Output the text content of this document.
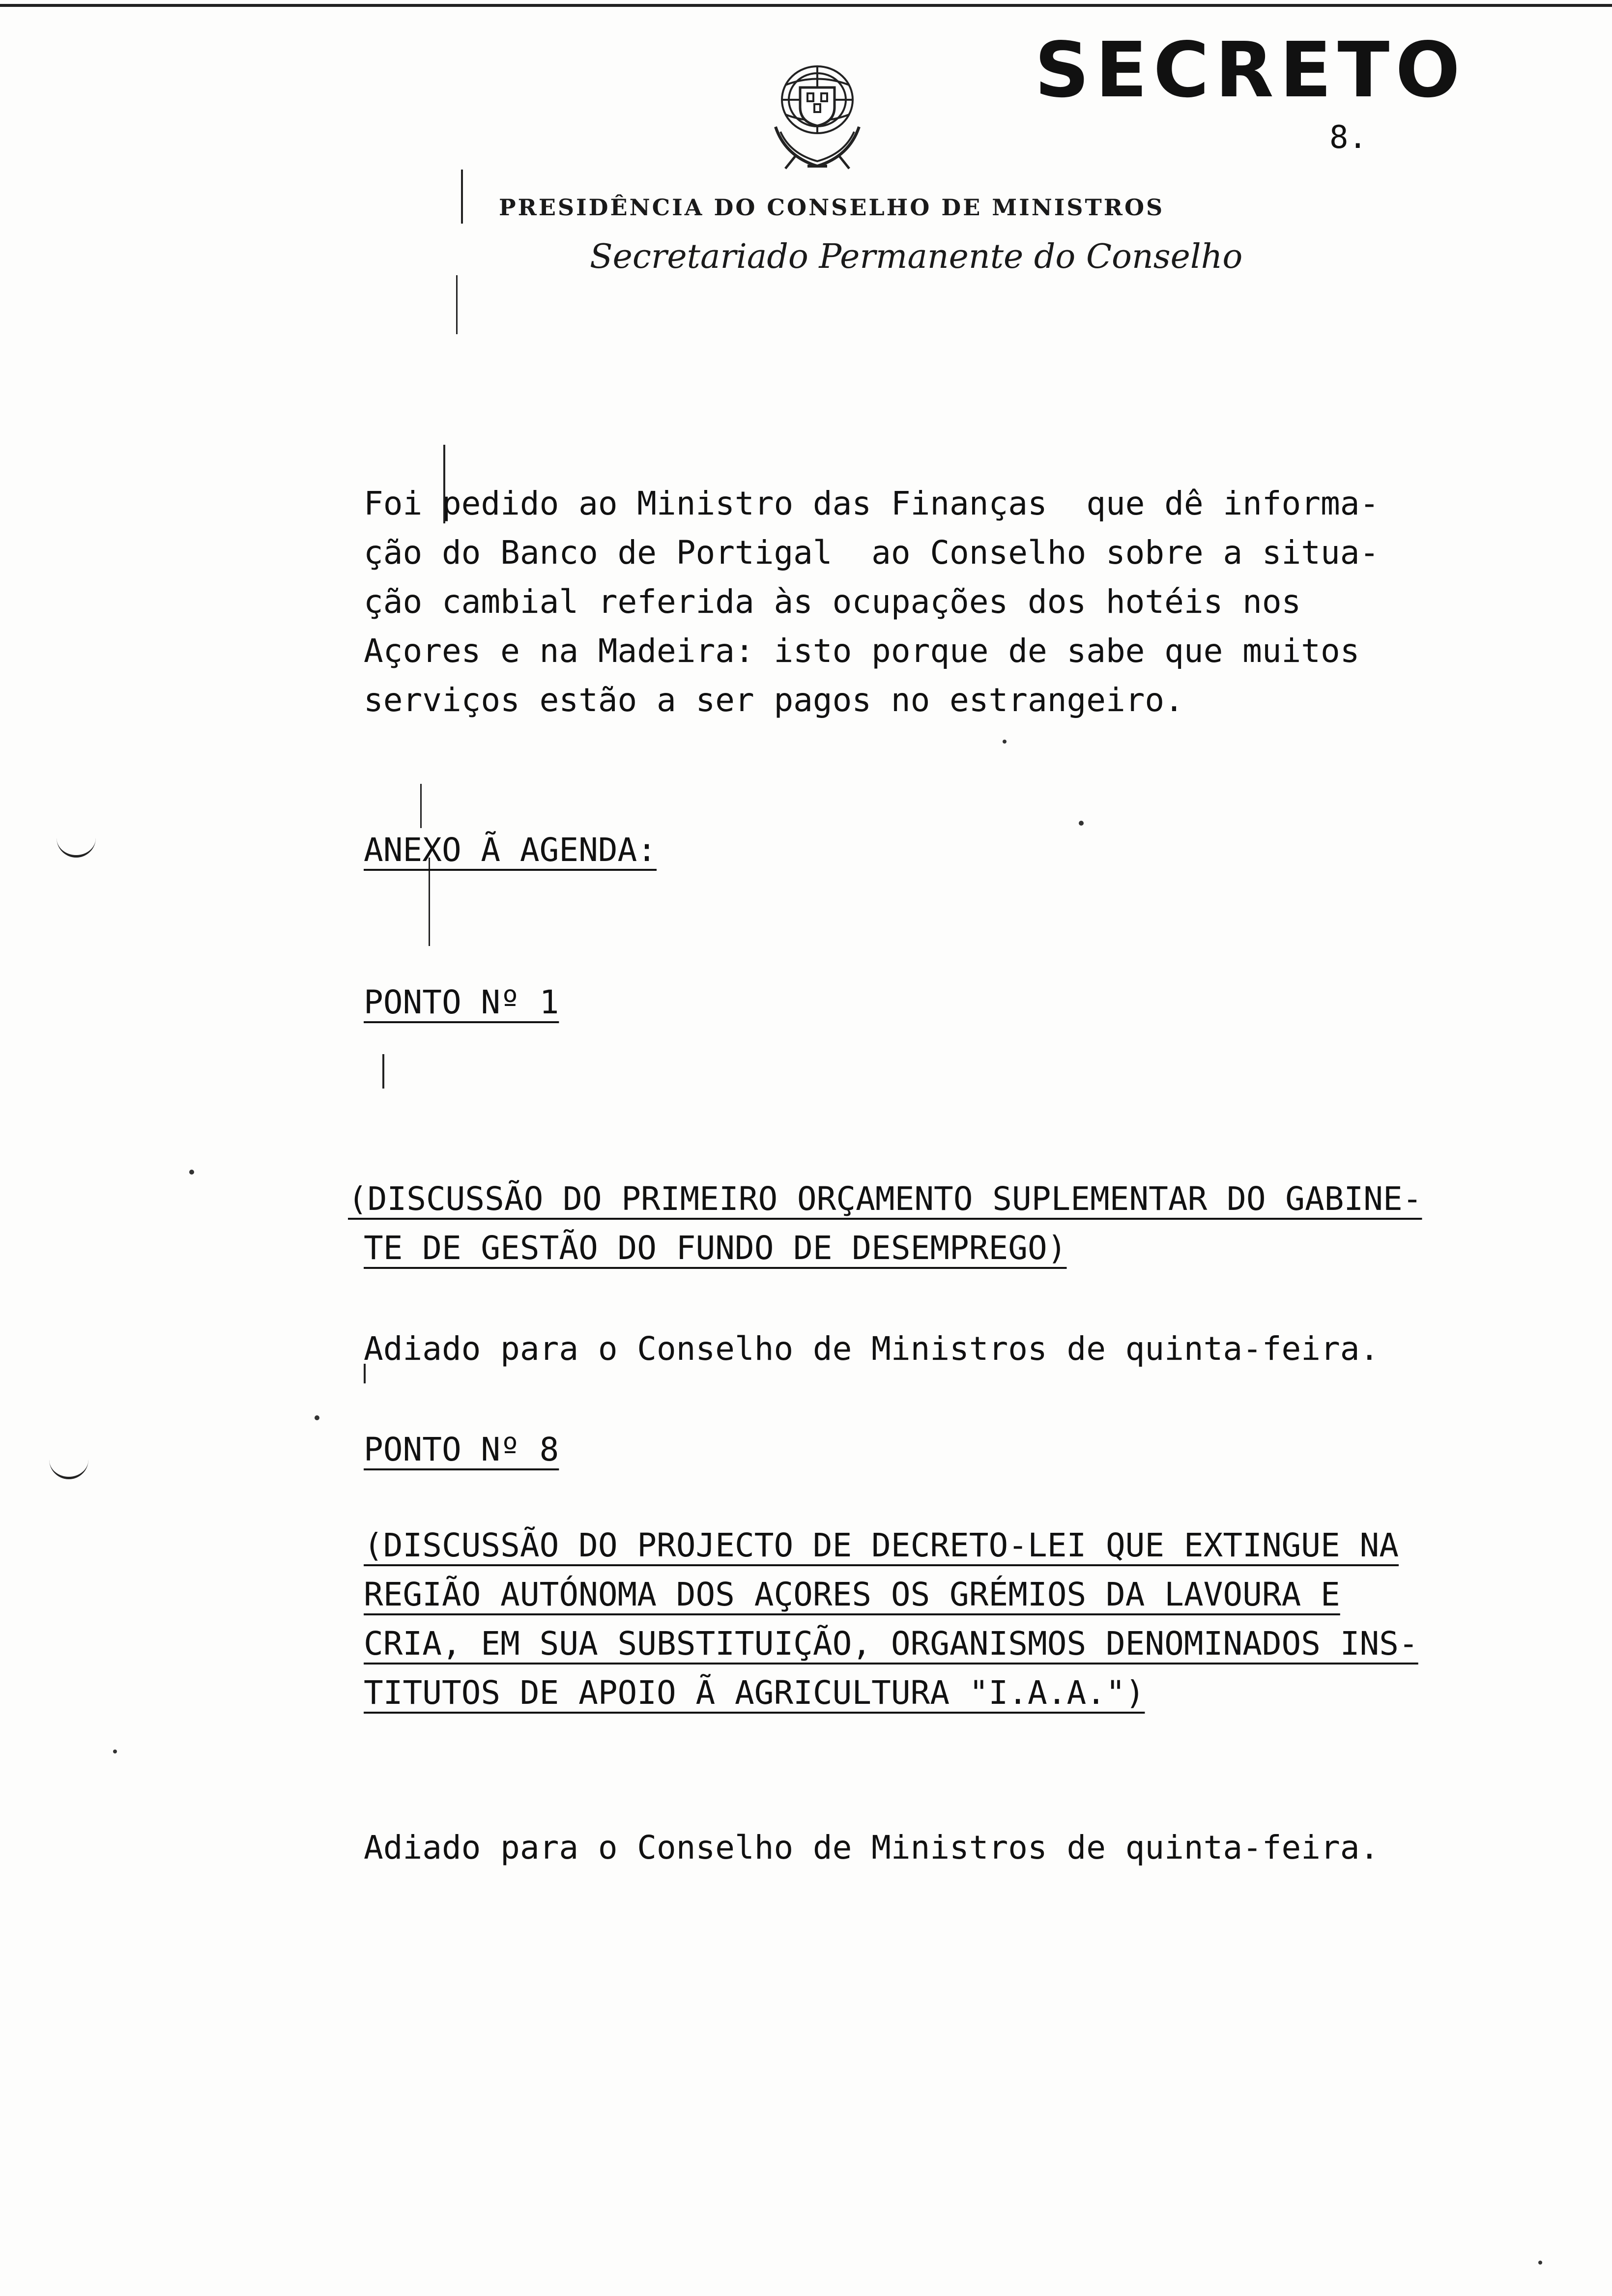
SECRETO
8.
PRESIDÊNCIA DO CONSELHO DE MINISTROS
Secretariado Permanente do Conselho
Foi pedido ao Ministro das Finanças  que dê informa-
ção do Banco de Portigal  ao Conselho sobre a situa-
ção cambial referida às ocupações dos hotéis nos
Açores e na Madeira: isto porque de sabe que muitos
serviços estão a ser pagos no estrangeiro.
ANEXO Ã AGENDA:
PONTO Nº 1
(DISCUSSÃO DO PRIMEIRO ORÇAMENTO SUPLEMENTAR DO GABINE-
TE DE GESTÃO DO FUNDO DE DESEMPREGO)
Adiado para o Conselho de Ministros de quinta-feira.
PONTO Nº 8
(DISCUSSÃO DO PROJECTO DE DECRETO-LEI QUE EXTINGUE NA
REGIÃO AUTÓNOMA DOS AÇORES OS GRÉMIOS DA LAVOURA E
CRIA, EM SUA SUBSTITUIÇÃO, ORGANISMOS DENOMINADOS INS-
TITUTOS DE APOIO Ã AGRICULTURA "I.A.A.")
Adiado para o Conselho de Ministros de quinta-feira.
